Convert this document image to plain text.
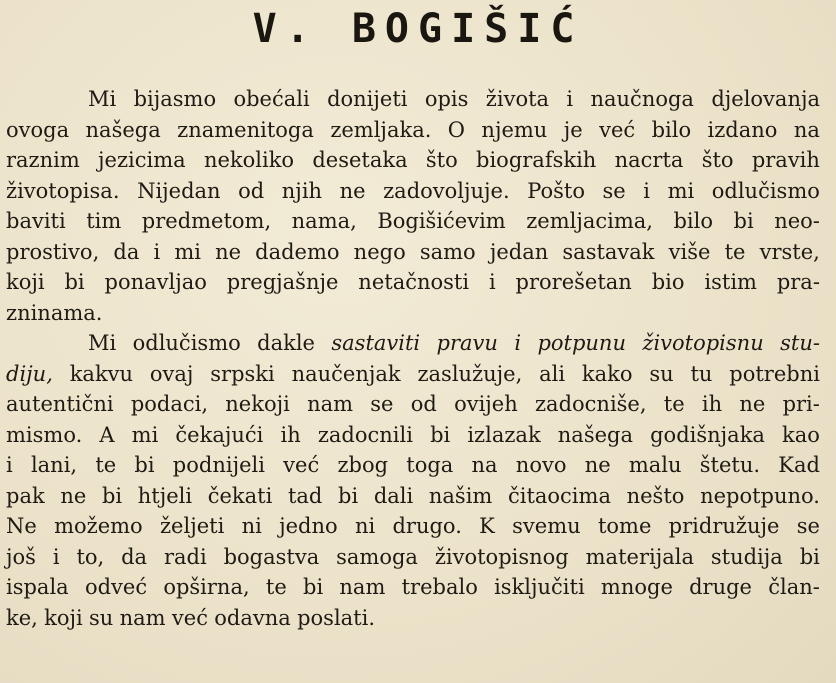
V. BOGIŠIĆ
Mi bijasmo obećali donijeti opis života i naučnoga djelovanja
ovoga našega znamenitoga zemljaka. O njemu je već bilo izdano na
raznim jezicima nekoliko desetaka što biografskih nacrta što pravih
životopisa. Nijedan od njih ne zadovoljuje. Pošto se i mi odlučismo
baviti tim predmetom, nama, Bogišićevim zemljacima, bilo bi neo-
prostivo, da i mi ne dademo nego samo jedan sastavak više te vrste,
koji bi ponavljao pregjašnje netačnosti i prorešetan bio istim pra-
zninama.
Mi odlučismo dakle sastaviti pravu i potpunu životopisnu stu-
diju, kakvu ovaj srpski naučenjak zaslužuje, ali kako su tu potrebni
autentični podaci, nekoji nam se od ovijeh zadocniše, te ih ne pri-
mismo. A mi čekajući ih zadocnili bi izlazak našega godišnjaka kao
i lani, te bi podnijeli već zbog toga na novo ne malu štetu. Kad
pak ne bi htjeli čekati tad bi dali našim čitaocima nešto nepotpuno.
Ne možemo željeti ni jedno ni drugo. K svemu tome pridružuje se
još i to, da radi bogastva samoga životopisnog materijala studija bi
ispala odveć opširna, te bi nam trebalo isključiti mnoge druge član-
ke, koji su nam već odavna poslati.
